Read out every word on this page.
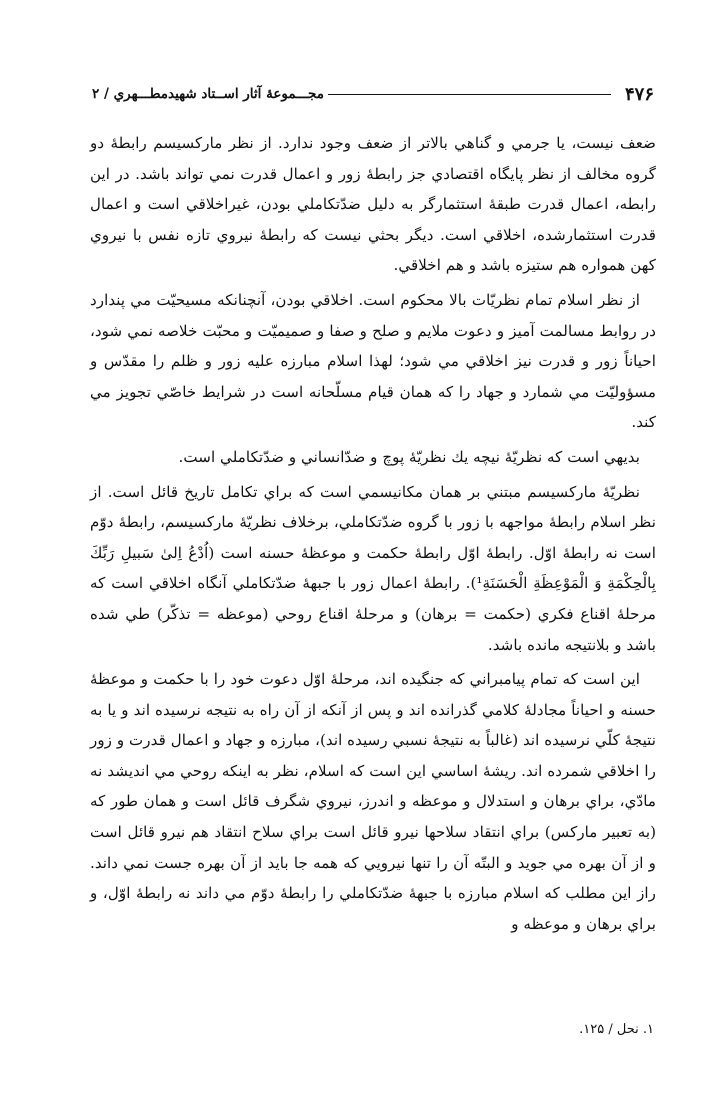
۴۷۶
مجـــموعهٔ آثار اســتاد شهيدمطـــهري / ۲

ضعف نيست، يا جرمي و گناهي بالاتر از ضعف وجود ندارد. از نظر ماركسيسم رابطهٔ دو گروه مخالف از نظر پايگاه اقتصادي جز رابطهٔ زور و اعمال قدرت نمي تواند باشد. در اين رابطه، اعمال قدرت طبقهٔ استثمارگر به دليل ضدّتكاملي بودن، غيراخلاقي است و اعمال قدرت استثمارشده، اخلاقي است. ديگر بحثي نيست كه رابطهٔ نيروي تازه نفس با نيروي كهن همواره هم ستيزه باشد و هم اخلاقي.

از نظر اسلام تمام نظريّات بالا محكوم است. اخلاقي بودن، آنچنانكه مسيحيّت مي پندارد در روابط مسالمت آميز و دعوت ملايم و صلح و صفا و صميميّت و محبّت خلاصه نمي شود، احياناً زور و قدرت نيز اخلاقي مي شود؛ لهذا اسلام مبارزه عليه زور و ظلم را مقدّس و مسؤوليّت مي شمارد و جهاد را كه همان قيام مسلّحانه است در شرايط خاصّي تجويز مي كند.

بديهي است كه نظريّهٔ نيچه يك نظريّهٔ پوچ و ضدّانساني و ضدّتكاملي است.

نظريّهٔ ماركسيسم مبتني بر همان مكانيسمي است كه براي تكامل تاريخ قائل است. از نظر اسلام رابطهٔ مواجهه با زور با گروه ضدّتكاملي، برخلاف نظريّهٔ ماركسيسم، رابطهٔ دوّم است نه رابطهٔ اوّل. رابطهٔ اوّل رابطهٔ حكمت و موعظهٔ حسنه است (اُدْعُ اِلىٰ سَبيلِ رَبِّكَ بِالْحِكْمَةِ وَ الْمَوْعِظَةِ الْحَسَنَةِ¹). رابطهٔ اعمال زور با جبههٔ ضدّتكاملي آنگاه اخلاقي است كه مرحلهٔ اقناع فكري (حكمت = برهان) و مرحلهٔ اقناع روحي (موعظه = تذكّر) طي شده باشد و بلانتيجه مانده باشد.

اين است كه تمام پيامبراني كه جنگيده اند، مرحلهٔ اوّل دعوت خود را با حكمت و موعظهٔ حسنه و احياناً مجادلهٔ كلامي گذرانده اند و پس از آنكه از آن راه به نتيجه نرسيده اند و يا به نتيجهٔ كلّي نرسيده اند (غالباً به نتيجهٔ نسبي رسيده اند)، مبارزه و جهاد و اعمال قدرت و زور را اخلاقي شمرده اند. ريشهٔ اساسي اين است كه اسلام، نظر به اينكه روحي مي انديشد نه مادّي، براي برهان و استدلال و موعظه و اندرز، نيروي شگرف قائل است و همان طور كه (به تعبير ماركس) براي انتقاد سلاحها نيرو قائل است براي سلاح انتقاد هم نيرو قائل است و از آن بهره مي جويد و البتّه آن را تنها نيرويي كه همه جا بايد از آن بهره جست نمي داند. راز اين مطلب كه اسلام مبارزه با جبههٔ ضدّتكاملي را رابطهٔ دوّم مي داند نه رابطهٔ اوّل، و براي برهان و موعظه و

۱. نحل / ۱۲۵.
